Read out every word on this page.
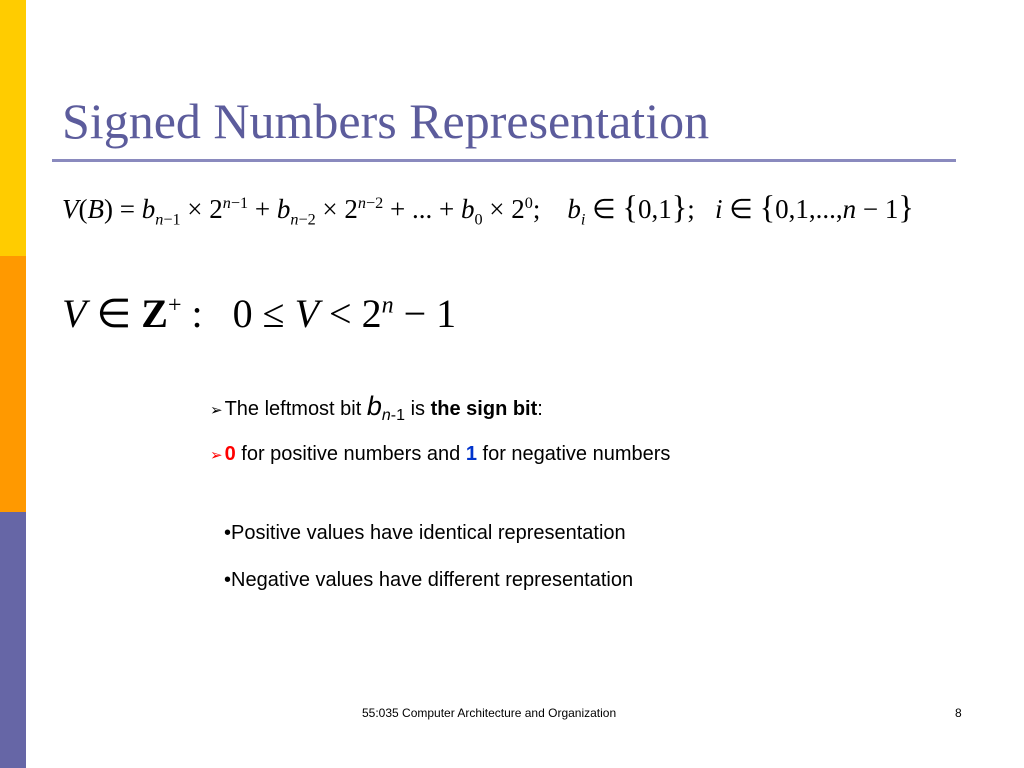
Signed Numbers Representation
$V(B) = b_{n-1} \times 2^{n-1} + b_{n-2} \times 2^{n-2}$ + ... + $b_0 \times 2^0$;    $b_i$ ∈ {0,1};   i ∈ {0,1,...,n − 1}
V ∈ Z+ :   $0 \le V < 2^n - 1$
➢ The leftmost bit $b_{n-1}$ is the sign bit:
➢ 0 for positive numbers and 1 for negative numbers
•Positive values have identical representation
•Negative values have different representation
55:035 Computer Architecture and Organization	8
